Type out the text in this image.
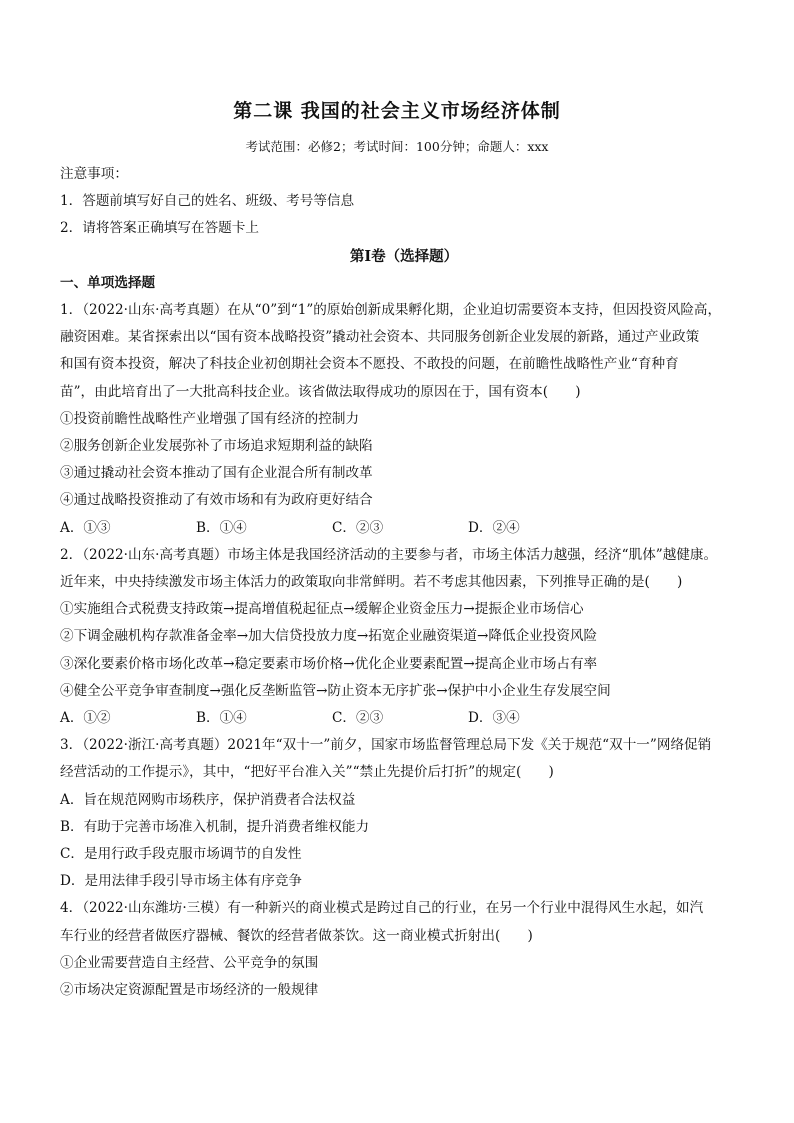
第二课 我国的社会主义市场经济体制
考试范围：必修2；考试时间：100分钟；命题人：xxx
注意事项：
1．答题前填写好自己的姓名、班级、考号等信息
2．请将答案正确填写在答题卡上
第I卷（选择题）
一、单项选择题
1．（2022·山东·高考真题）在从“0”到“1”的原始创新成果孵化期，企业迫切需要资本支持，但因投资风险高，
融资困难。某省探索出以“国有资本战略投资”撬动社会资本、共同服务创新企业发展的新路，通过产业政策
和国有资本投资，解决了科技企业初创期社会资本不愿投、不敢投的问题，在前瞻性战略性产业“育种育
苗”，由此培育出了一大批高科技企业。该省做法取得成功的原因在于，国有资本(　　)
①投资前瞻性战略性产业增强了国有经济的控制力
②服务创新企业发展弥补了市场追求短期利益的缺陷
③通过撬动社会资本推动了国有企业混合所有制改革
④通过战略投资推动了有效市场和有为政府更好结合
A．①③	B．①④	C．②③	D．②④
2．（2022·山东·高考真题）市场主体是我国经济活动的主要参与者，市场主体活力越强，经济“肌体”越健康。
近年来，中央持续激发市场主体活力的政策取向非常鲜明。若不考虑其他因素，下列推导正确的是(　　)
①实施组合式税费支持政策→提高增值税起征点→缓解企业资金压力→提振企业市场信心
②下调金融机构存款准备金率→加大信贷投放力度→拓宽企业融资渠道→降低企业投资风险
③深化要素价格市场化改革→稳定要素市场价格→优化企业要素配置→提高企业市场占有率
④健全公平竞争审查制度→强化反垄断监管→防止资本无序扩张→保护中小企业生存发展空间
A．①②	B．①④	C．②③	D．③④
3．（2022·浙江·高考真题）2021年“双十一”前夕，国家市场监督管理总局下发《关于规范“双十一”网络促销
经营活动的工作提示》，其中，“把好平台准入关”“禁止先提价后打折”的规定(　　)
A．旨在规范网购市场秩序，保护消费者合法权益
B．有助于完善市场准入机制，提升消费者维权能力
C．是用行政手段克服市场调节的自发性
D．是用法律手段引导市场主体有序竞争
4．（2022·山东潍坊·三模）有一种新兴的商业模式是跨过自己的行业，在另一个行业中混得风生水起，如汽
车行业的经营者做医疗器械、餐饮的经营者做茶饮。这一商业模式折射出(　　)
①企业需要营造自主经营、公平竞争的氛围
②市场决定资源配置是市场经济的一般规律
